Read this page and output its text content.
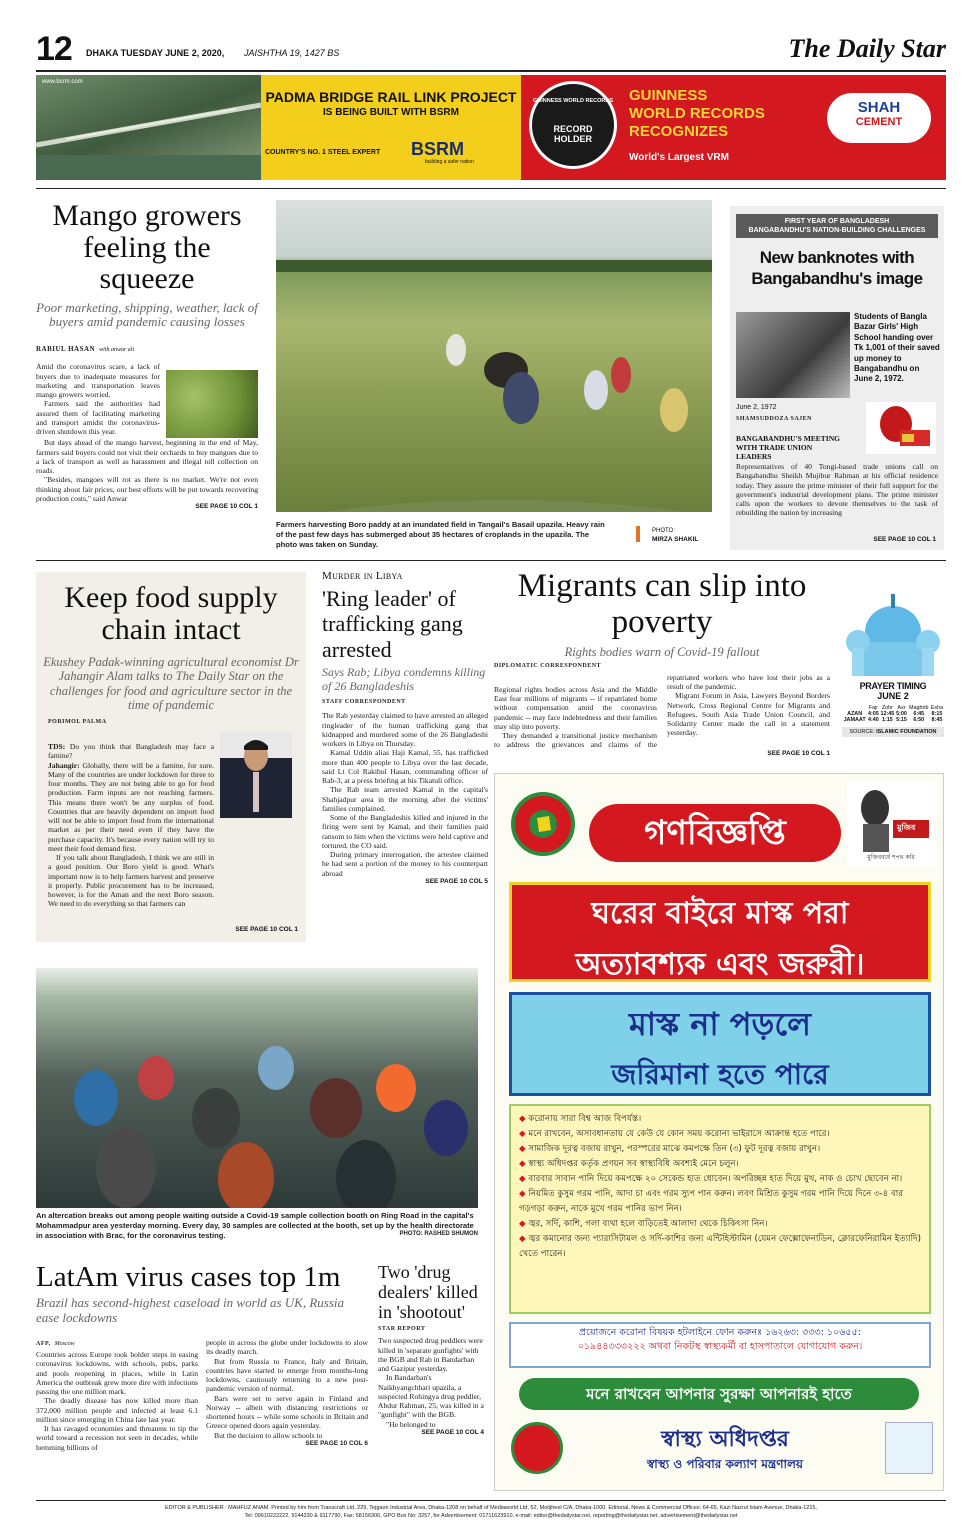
12 DHAKA TUESDAY JUNE 2, 2020, JAISHTHA 19, 1427 BS	The Daily Star
www.bsrm.com
PADMA BRIDGE RAIL LINK PROJECT
IS BEING BUILT WITH BSRM
COUNTRY'S NO. 1 STEEL EXPERT BSRM
building a safer nation
GUINNESS WORLD RECORDS
RECORD HOLDER
GUINNESS
WORLD RECORDS
RECOGNIZES
World's Largest VRM
SHAH
CEMENT
Mango growers feeling the squeeze
Poor marketing, shipping, weather, lack of buyers amid pandemic causing losses
RABIUL HASAN with anwar ali

Amid the coronavirus scare, a lack of buyers due to inadequate measures for marketing and transportation leaves mango growers worried.

Farmers said the authorities had assured them of facilitating marketing and transport amidst the coronavirus-driven shutdown this year.

But days ahead of the mango harvest, beginning in the end of May, farmers said buyers could not visit their orchards to buy mangoes due to a lack of transport as well as harassment and illegal toll collection on roads.

"Besides, mangoes will rot as there is no market. We're not even thinking about fair prices, our best efforts will be put towards recovering production costs," said Anwar

SEE PAGE 10 COL 1
Farmers harvesting Boro paddy at an inundated field in Tangail's Basail upazila. Heavy rain of the past few days has submerged about 35 hectares of croplands in the upazila. The photo was taken on Sunday.
PHOTO:
MIRZA SHAKIL
FIRST YEAR OF BANGLADESH
BANGABANDHU'S NATION-BUILDING CHALLENGES
New banknotes with Bangabandhu's image
Students of Bangla Bazar Girls' High School handing over Tk 1,001 of their saved up money to Bangabandhu on June 2, 1972.
June 2, 1972
SHAMSUDDOZA SAJEN
BANGABANDHU'S MEETING WITH TRADE UNION LEADERS
Representatives of 40 Tongi-based trade unions call on Bangabandhu Sheikh Mujibur Rahman at his official residence today. They assure the prime minister of their full support for the government's industrial development plans. The prime minister calls upon the workers to devote themselves to the task of rebuilding the nation by increasing
SEE PAGE 10 COL 1
Keep food supply chain intact
Ekushey Padak-winning agricultural economist Dr Jahangir Alam talks to The Daily Star on the challenges for food and agriculture sector in the time of pandemic
PORIMOL PALMA

TDS: Do you think that Bangladesh may face a famine?

Jahangir: Globally, there will be a famine, for sure. Many of the countries are under lockdown for three to four months. They are not being able to go for food production. Farm inputs are not reaching farmers. This means there won't be any surplus of food. Countries that are heavily dependent on import food will not be able to import food from the international market as per their need even if they have the purchase capacity. It's because every nation will try to meet their food demand first.

If you talk about Bangladesh, I think we are still in a good position. Our Boro yield is good. What's important now is to help farmers harvest and preserve it properly. Public procurement has to be increased, however, is for the Aman and the next Boro season. We need to do everything so that farmers can

SEE PAGE 10 COL 1
Murder in Libya
'Ring leader' of trafficking gang arrested
Says Rab; Libya condemns killing of 26 Bangladeshis
STAFF CORRESPONDENT

The Rab yesterday claimed to have arrested an alleged ringleader of the human trafficking gang that kidnapped and murdered some of the 26 Bangladeshi workers in Libya on Thursday.

Kamal Uddin alias Haji Kamal, 55, has trafficked more than 400 people to Libya over the last decade, said Lt Col Rakibul Hasan, commanding officer of Rab-3, at a press briefing at his Tikatuli office.

The Rab team arrested Kamal in the capital's Shahjadpur area in the morning after the victims' families complained.

Some of the Bangladeshis killed and injured in the firing were sent by Kamal, and their families paid ransom to him when the victims were held captive and tortured, the CO said.

During primary interrogation, the arrestee claimed he had sent a portion of the money to his counterpart abroad

SEE PAGE 10 COL 5
Migrants can slip into poverty
Rights bodies warn of Covid-19 fallout
DIPLOMATIC CORRESPONDENT

Regional rights bodies across Asia and the Middle East fear millions of migrants -- if repatriated home without compensation amid the coronavirus pandemic -- may face indebtedness and their families may slip into poverty.

They demanded a transitional justice mechanism to address the grievances and claims of the repatriated workers who have lost their jobs as a result of the pandemic.

Migrant Forum in Asia, Lawyers Beyond Borders Network, Cross Regional Centre for Migrants and Refugees, South Asia Trade Union Council, and Solidarity Center made the call in a statement yesterday.

SEE PAGE 10 COL 1
PRAYER TIMING
JUNE 2
	Fajr	Zohr	Asr	Maghrib	Esha
AZAN	4:05	12:45	5:00	6:45	8:15
JAMAAT	4:40	1:15	5:15	6:50	8:45
SOURCE: ISLAMIC FOUNDATION
গণবিজ্ঞপ্তি	মুজিব
মুজিববর্ষে শপথ করি
ঘরের বাইরে মাস্ক পরা
অত্যাবশ্যক এবং জরুরী।
মাস্ক না পড়লে
জরিমানা হতে পারে
◆ করোনায় সারা বিশ্ব আজ বিপর্যস্ত।
◆ মনে রাখবেন, অসাবধানতায় যে কেউ যে কোন সময় করোনা ভাইরাসে আক্রান্ত হতে পারে।
◆ সামাজিক দূরত্ব বজায় রাখুন, পরস্পরের মাঝে কমপক্ষে তিন (৩) ফুট দূরত্ব বজায় রাখুন।
◆ স্বাস্থ্য অধিদপ্তর কর্তৃক প্রণয়ন সব স্বাস্থ্যবিধি অবশ্যই মেনে চলুন।
◆ বারবার সাবান পানি দিয়ে কমপক্ষে ২০ সেকেন্ড হাত ধোবেন। অপরিচ্ছন্ন হাত দিয়ে মুখ, নাক ও চোখ ছোবেন না।
◆ নিয়মিত কুসুম গরম পানি, আদা চা এবং গরম স্যুপ পান করুন। লবণ মিশ্রিত কুসুম গরম পানি দিয়ে দিনে ৩-৪ বার গড়গড়া করুন, নাকে মুখে গরম পানির ভাপ নিন।
◆ জ্বর, সর্দি, কাশি, গলা ব্যথা হলে বাড়িতেই আলাদা থেকে চিকিৎসা নিন।
◆ জ্বর কমানোর জন্য প্যারাসিটামল ও সর্দি-কাশির জন্য এন্টিহিস্টামিন (যেমন ফেক্সোফেনাডিন, ক্লোরফেনিরামিন ইত্যাদি) খেতে পারেন।
প্রয়োজনে করোনা বিষয়ক হটলাইনে ফোন করুনঃ ১৬২৬৩: ৩৩৩: ১০৬৫৫:
০১৯৪৪৩৩৩২২২ অথবা নিকটস্থ স্বাস্থ্যকর্মী বা হাসপাতালে যোগাযোগ করুন।
মনে রাখবেন আপনার সুরক্ষা আপনারই হাতে
স্বাস্থ্য অধিদপ্তর
স্বাস্থ্য ও পরিবার কল্যাণ মন্ত্রণালয়
An altercation breaks out among people waiting outside a Covid-19 sample collection booth on Ring Road in the capital's Mohammadpur area yesterday morning. Every day, 30 samples are collected at the booth, set up by the health directorate in association with Brac, for the coronavirus testing.	PHOTO: RASHED SHUMON
LatAm virus cases top 1m
Brazil has second-highest caseload in world as UK, Russia ease lockdowns
AFP, Moscow

Countries across Europe took bolder steps in easing coronavirus lockdowns, with schools, pubs, parks and pools reopening in places, while in Latin America the outbreak grew more dire with infections passing the one million mark.

The deadly disease has now killed more than 372,000 million people and infected at least 6.1 million since emerging in China late last year.

It has ravaged economies and threatens to tip the world toward a recession not seen in decades, while hemming billions of

people in across the globe under lockdowns to slow its deadly march.

But from Russia to France, Italy and Britain, countries have started to emerge from months-long lockdowns, cautiously returning to a new post-pandemic version of normal.

Bars were set to serve again in Finland and Norway -- albeit with distancing restrictions or shortened hours -- while some schools in Britain and Greece opened doors again yesterday.

But the decision to allow schools to

SEE PAGE 10 COL 6
Two 'drug dealers' killed in 'shootout'
STAR REPORT

Two suspected drug peddlers were killed in 'separate gunfights' with the BGB and Rab in Bandarban and Gazipur yesterday.

In Bandarban's Naikhyangchhari upazila, a suspected Rohingya drug peddler, Abdur Rahman, 25, was killed in a "gunfight" with the BGB.

"He belonged to

SEE PAGE 10 COL 4
EDITOR & PUBLISHER : MAHFUZ ANAM. Printed by him from Transcraft Ltd, 229, Tejgaon Industrial Area, Dhaka-1208 on behalf of Mediaworld Ltd, 52, Motijheel C/A, Dhaka-1000. Editorial, News & Commercial Offices: 64-65, Kazi Nazrul Islam Avenue, Dhaka-1215,
Tel: 09610222222, 9144330 & 9117790, Fax: 58156306, GPO Box No: 3257, for Advertisement: 01711623910, e-mail: editor@thedailystar.net, reporting@thedailystar.net, advertisement@thedailystar.net
